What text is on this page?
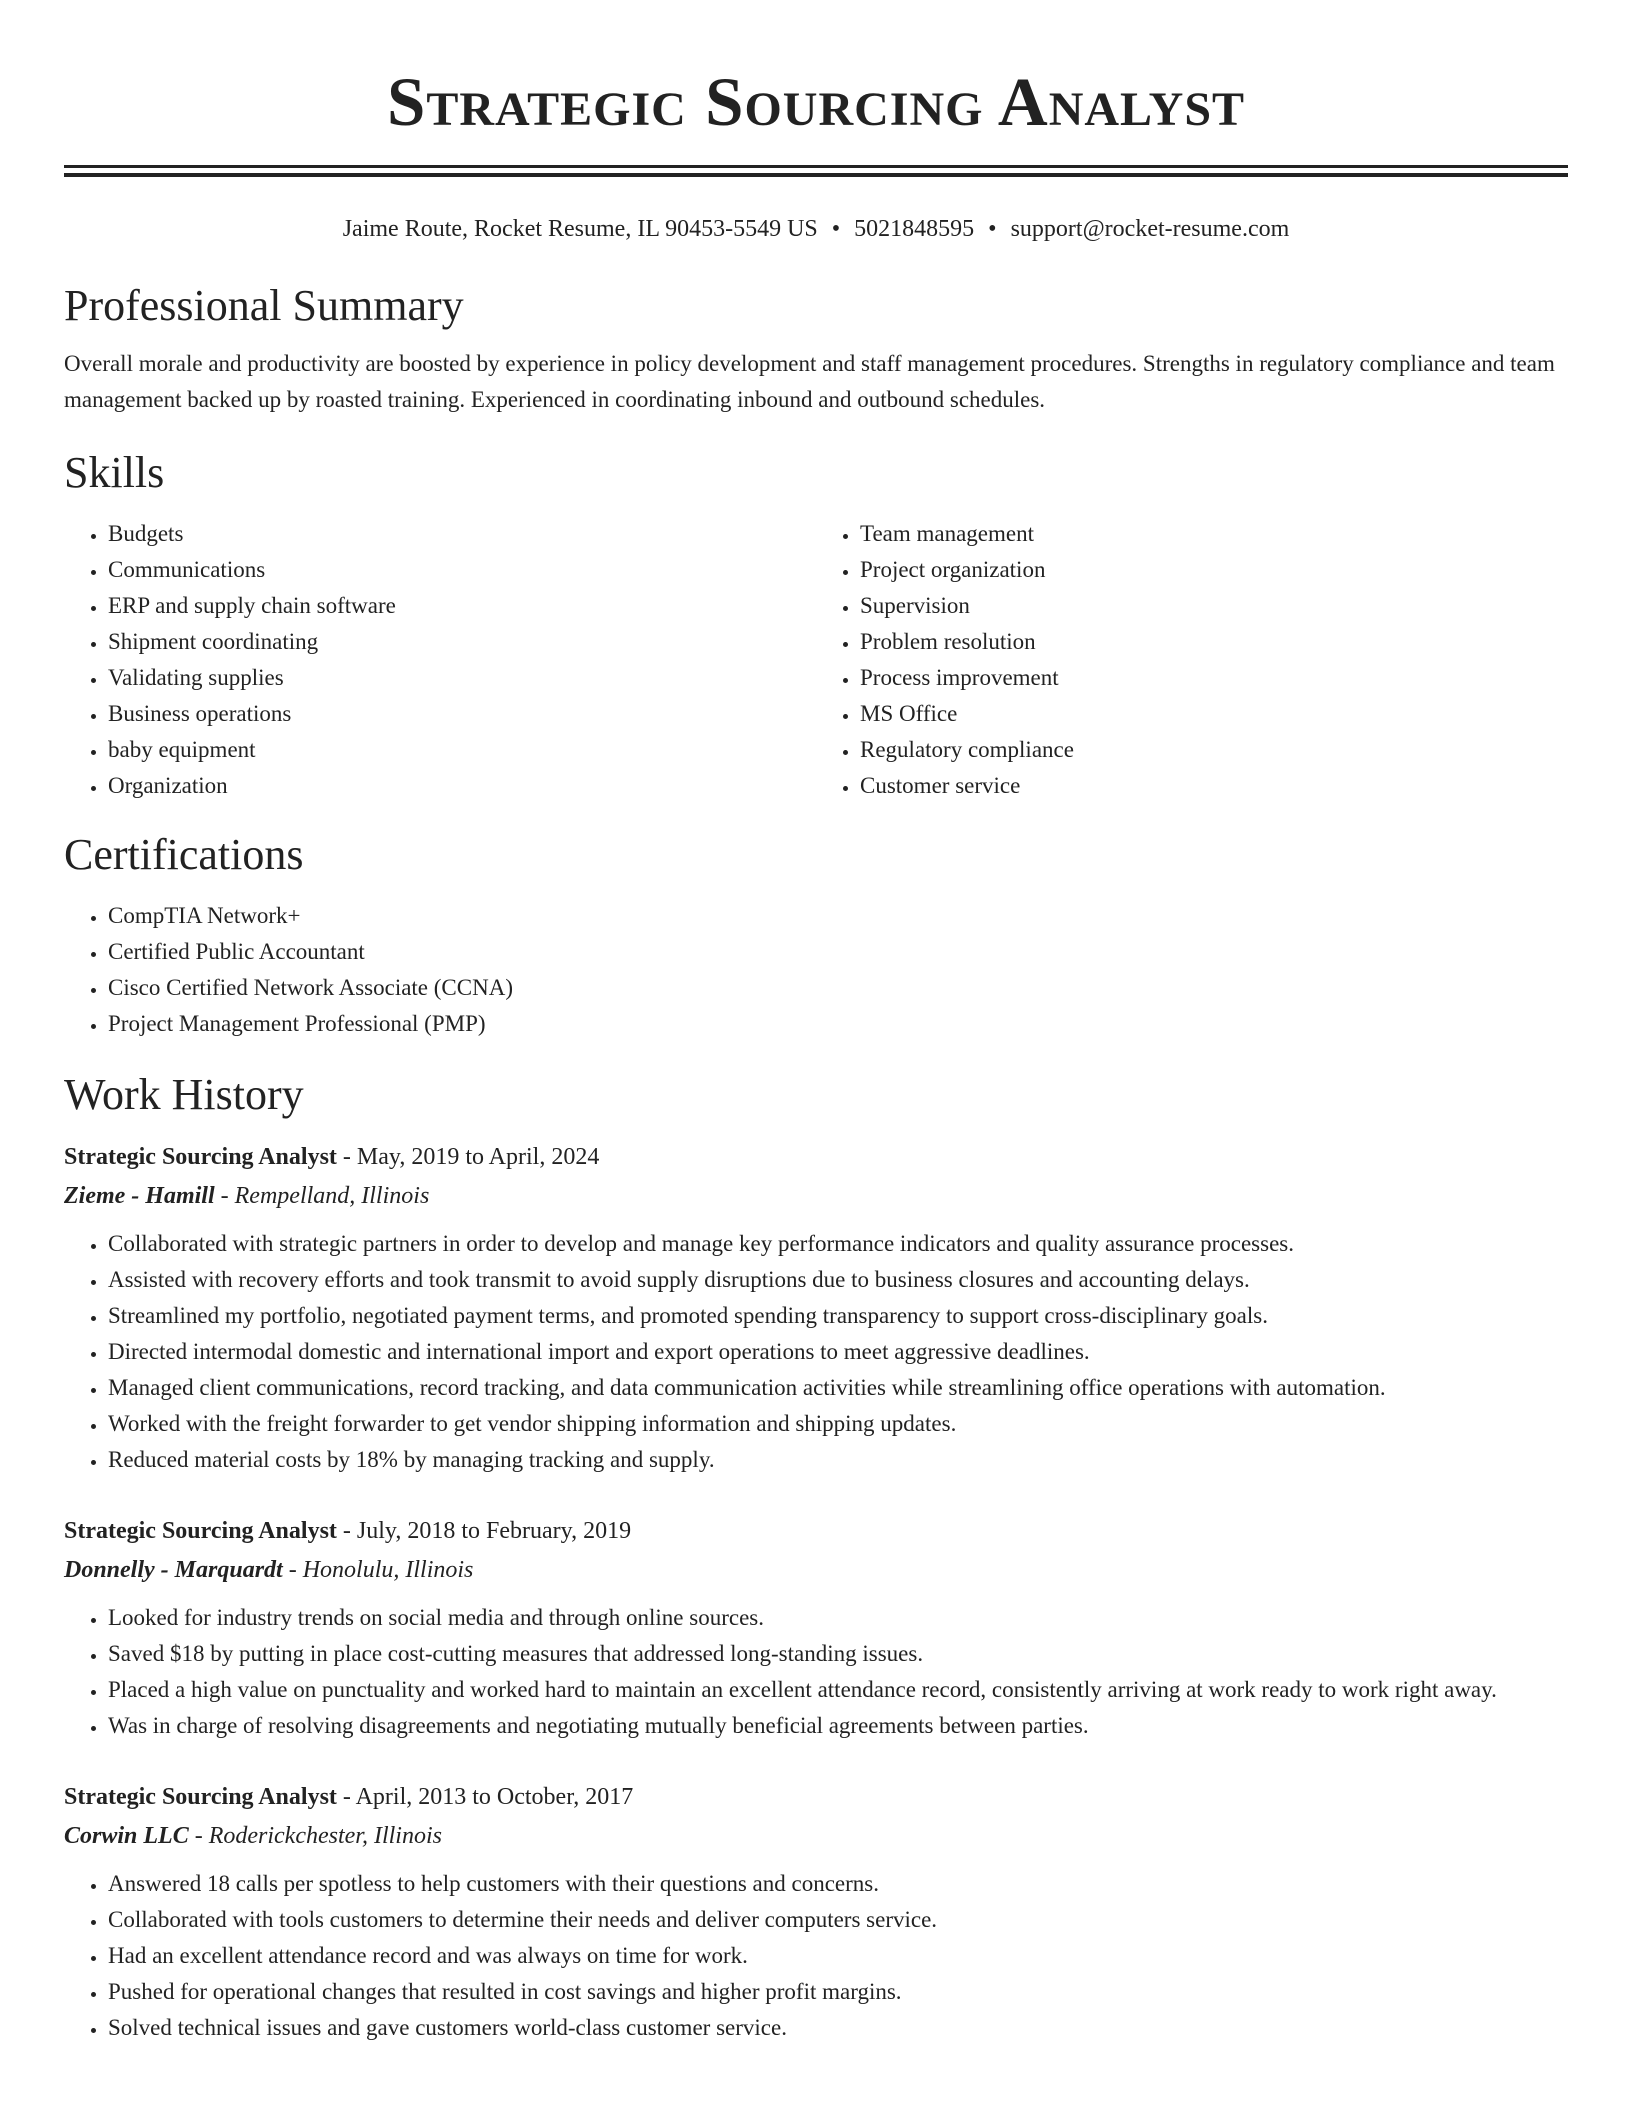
Strategic Sourcing Analyst
Jaime Route, Rocket Resume, IL 90453-5549 US • 5021848595 • support@rocket-resume.com
Professional Summary

Overall morale and productivity are boosted by experience in policy development and staff management procedures. Strengths in regulatory compliance and team management backed up by roasted training. Experienced in coordinating inbound and outbound schedules.

Skills
• Budgets
• Communications
• ERP and supply chain software
• Shipment coordinating
• Validating supplies
• Business operations
• baby equipment
• Organization
• Team management
• Project organization
• Supervision
• Problem resolution
• Process improvement
• MS Office
• Regulatory compliance
• Customer service
Certifications
• CompTIA Network+
• Certified Public Accountant
• Cisco Certified Network Associate (CCNA)
• Project Management Professional (PMP)
Work History
Strategic Sourcing Analyst - May, 2019 to April, 2024
Zieme - Hamill - Rempelland, Illinois
• Collaborated with strategic partners in order to develop and manage key performance indicators and quality assurance processes.
• Assisted with recovery efforts and took transmit to avoid supply disruptions due to business closures and accounting delays.
• Streamlined my portfolio, negotiated payment terms, and promoted spending transparency to support cross-disciplinary goals.
• Directed intermodal domestic and international import and export operations to meet aggressive deadlines.
• Managed client communications, record tracking, and data communication activities while streamlining office operations with automation.
• Worked with the freight forwarder to get vendor shipping information and shipping updates.
• Reduced material costs by 18% by managing tracking and supply.
Strategic Sourcing Analyst - July, 2018 to February, 2019
Donnelly - Marquardt - Honolulu, Illinois
• Looked for industry trends on social media and through online sources.
• Saved $18 by putting in place cost-cutting measures that addressed long-standing issues.
• Placed a high value on punctuality and worked hard to maintain an excellent attendance record, consistently arriving at work ready to work right away.
• Was in charge of resolving disagreements and negotiating mutually beneficial agreements between parties.
Strategic Sourcing Analyst - April, 2013 to October, 2017
Corwin LLC - Roderickchester, Illinois
• Answered 18 calls per spotless to help customers with their questions and concerns.
• Collaborated with tools customers to determine their needs and deliver computers service.
• Had an excellent attendance record and was always on time for work.
• Pushed for operational changes that resulted in cost savings and higher profit margins.
• Solved technical issues and gave customers world-class customer service.
